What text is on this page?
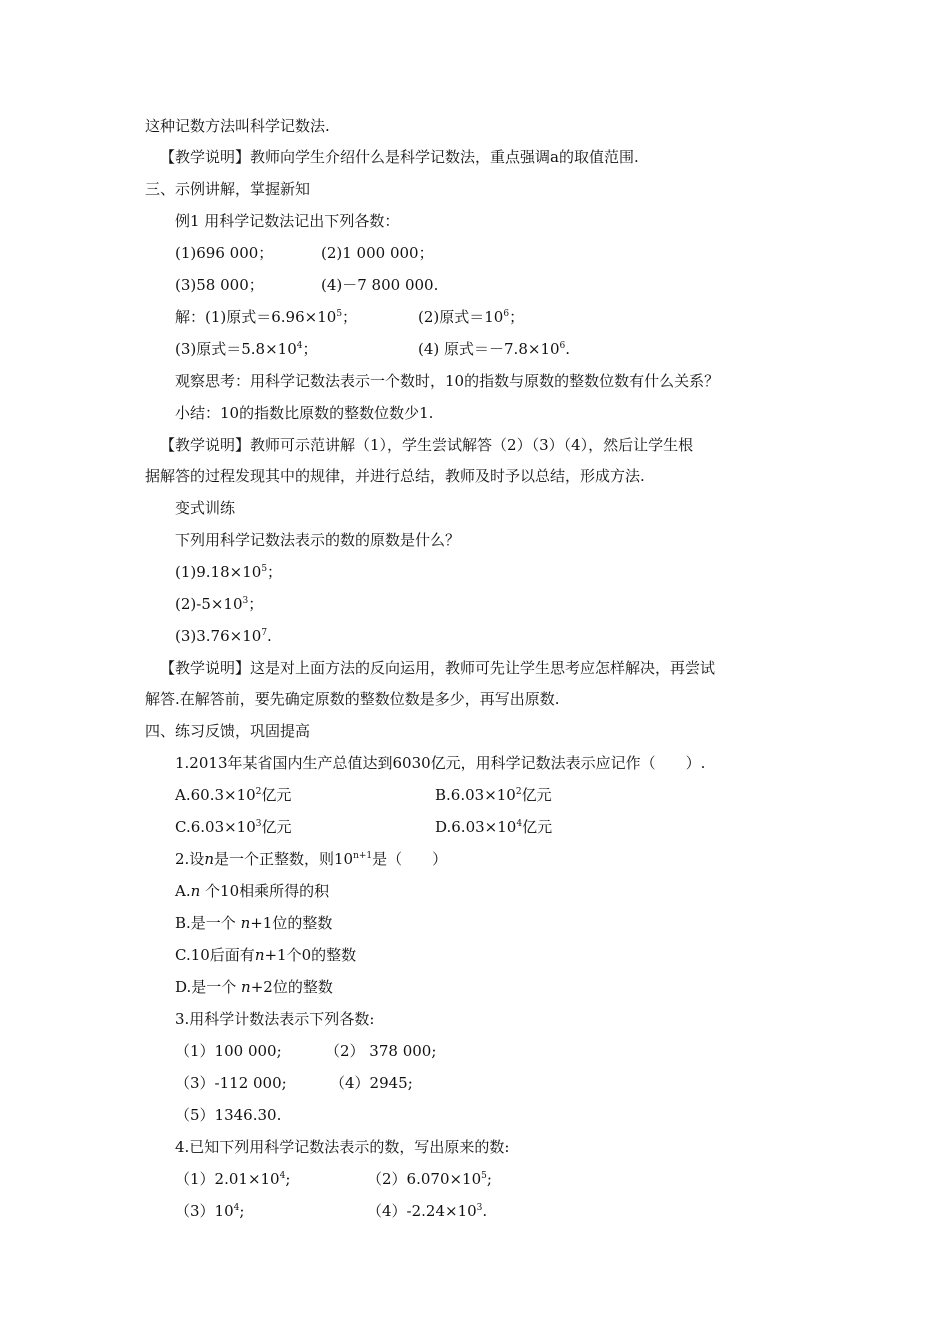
这种记数方法叫科学记数法.
【教学说明】教师向学生介绍什么是科学记数法，重点强调a的取值范围.
三、示例讲解，掌握新知
例1 用科学记数法记出下列各数：
(1)696 000；	(2)1 000 000；
(3)58 000；	(4)－7 800 000.
解：(1)原式$=6.96\times 10^5$；	(2)原式$=10^6$；
(3)原式$=5.8\times 10^4$；	(4) 原式$=-7.8\times 10^6$.
观察思考：用科学记数法表示一个数时，10的指数与原数的整数位数有什么关系？
小结：10的指数比原数的整数位数少1.
【教学说明】教师可示范讲解（1），学生尝试解答（2）（3）（4），然后让学生根
据解答的过程发现其中的规律，并进行总结，教师及时予以总结，形成方法.
变式训练
下列用科学记数法表示的数的原数是什么？
$(1)9.18\times 10^5$；
$(2)-5\times 10^3$；
$(3)3.76\times 10^7$.
【教学说明】这是对上面方法的反向运用，教师可先让学生思考应怎样解决，再尝试
解答.在解答前，要先确定原数的整数位数是多少，再写出原数.
四、练习反馈，巩固提高
1.2013年某省国内生产总值达到6030亿元，用科学记数法表示应记作（　　）.
$A.60.3\times 10^2$亿元	$B.6.03\times 10^2$亿元
$C.6.03\times 10^3$亿元	$D.6.03\times 10^4$亿元
2.设n是一个正整数，则$10^{n+1}$是（　　）
A.n 个10相乘所得的积
B.是一个 n+1位的整数
C.10后面有n+1个0的整数
D.是一个 n+2位的整数
3.用科学计数法表示下列各数:
（1）100 000;	（2） 378 000;
（3）-112 000;	（4）2945;
（5）1346.30.
4.已知下列用科学记数法表示的数，写出原来的数:
$(1)2.01\times 10^4$;	$(2)6.070\times 10^5$;
$(3)10^4$;	$(4)-2.24\times 10^3$.
